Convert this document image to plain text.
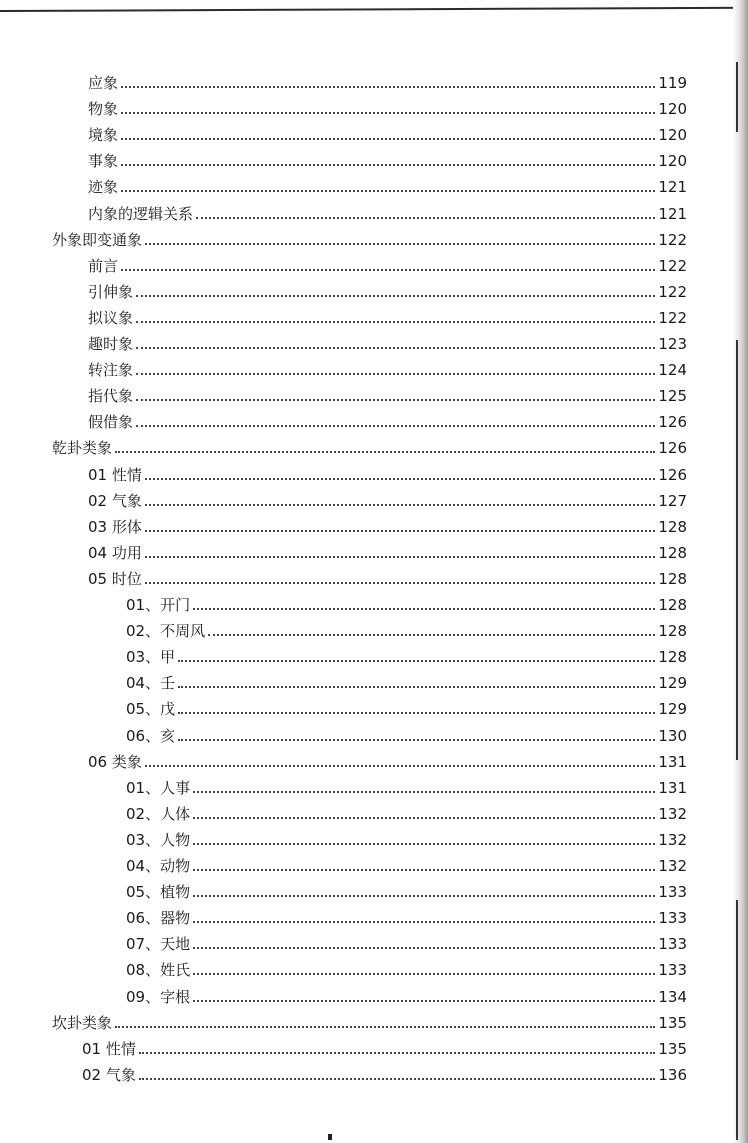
应象	119
物象	120
境象	120
事象	120
迹象	121
内象的逻辑关系	121
外象即变通象	122
前言	122
引伸象	122
拟议象	122
趣时象	123
转注象	124
指代象	125
假借象	126
乾卦类象	126
01 性情	126
02 气象	127
03 形体	128
04 功用	128
05 时位	128
01、开门	128
02、不周风	128
03、甲	128
04、壬	129
05、戊	129
06、亥	130
06 类象	131
01、人事	131
02、人体	132
03、人物	132
04、动物	132
05、植物	133
06、器物	133
07、天地	133
08、姓氏	133
09、字根	134
坎卦类象	135
01 性情	135
02 气象	136
